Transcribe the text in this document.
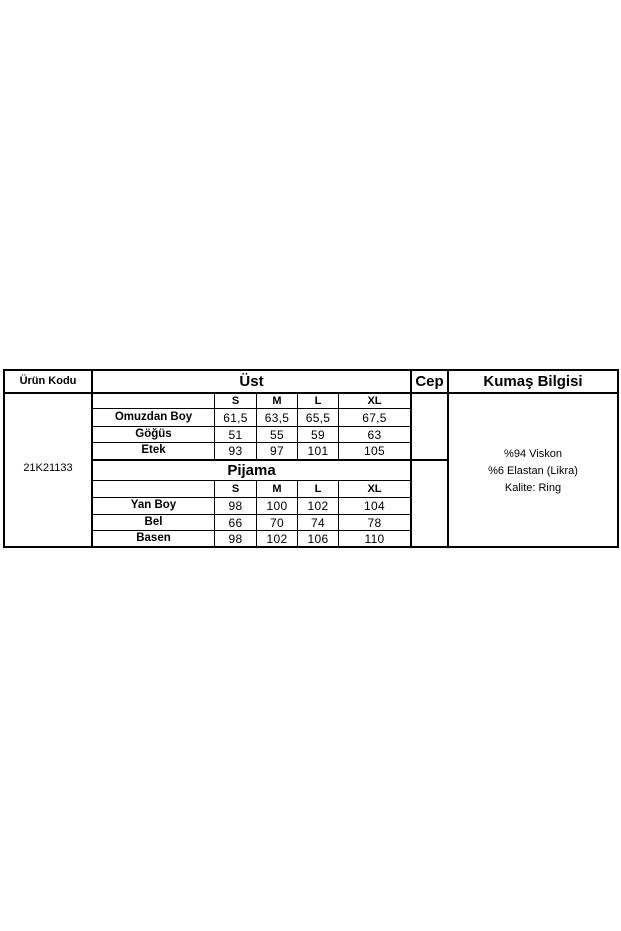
Ürün Kodu	Üst	Cep	Kumaş Bilgisi
21K21133
S	M	L	XL
Omuzdan Boy	61,5	63,5	65,5	67,5
Göğüs	51	55	59	63
Etek	93	97	101	105
Pijama
S	M	L	XL
Yan Boy	98	100	102	104
Bel	66	70	74	78
Basen	98	102	106	110
%94 Viskon
%6 Elastan (Likra)
Kalite: Ring
